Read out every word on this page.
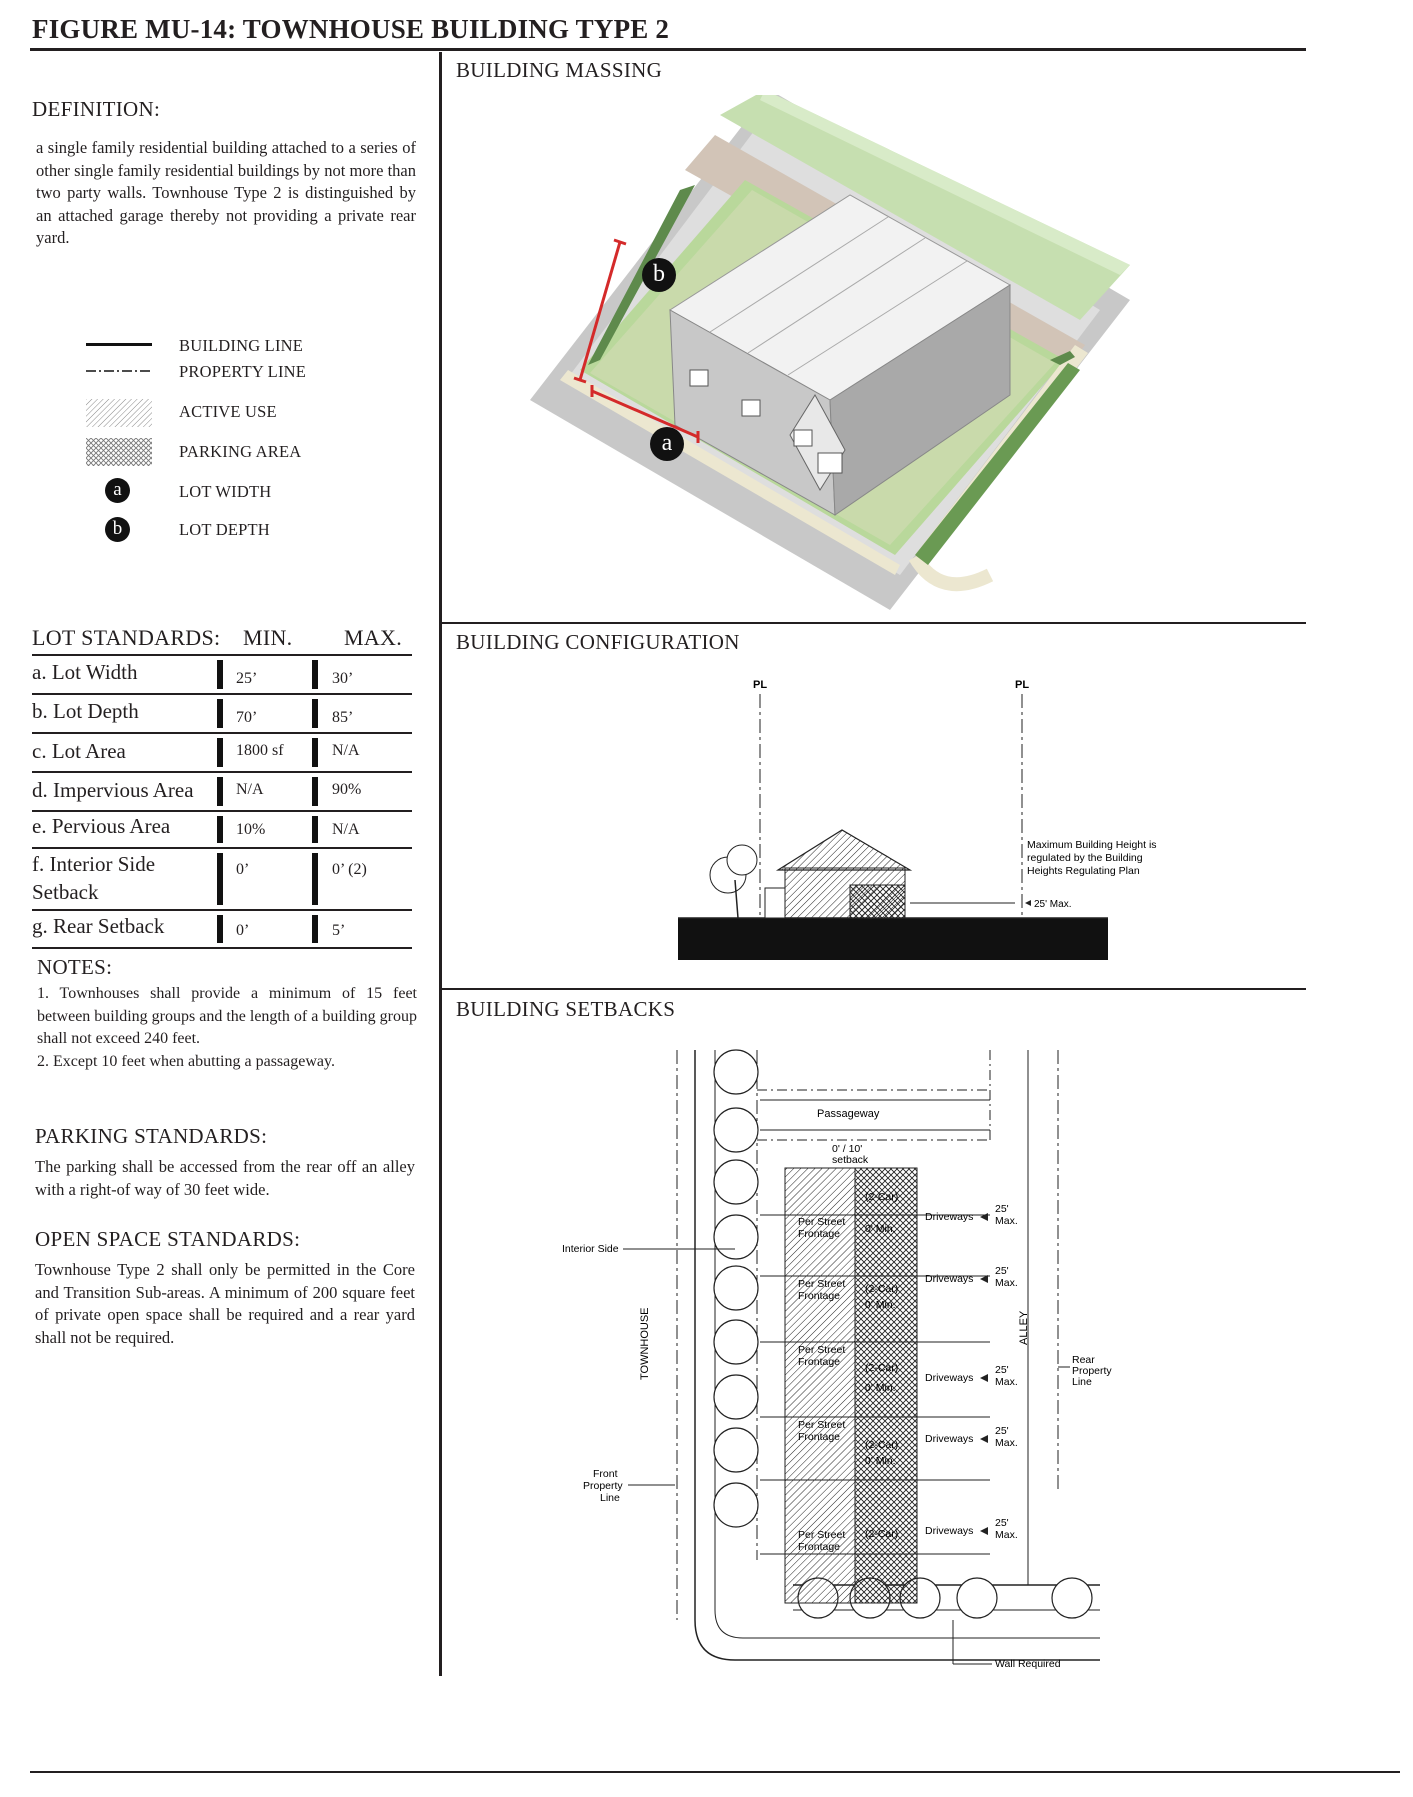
FIGURE MU-14: TOWNHOUSE BUILDING TYPE 2
DEFINITION:
a single family residential building attached to a series of other single family residential buildings by not more than two party walls. Townhouse Type 2 is distinguished by an attached garage thereby not providing a private rear yard.
BUILDING LINE
PROPERTY LINE
ACTIVE USE
PARKING AREA
a	LOT WIDTH
b	LOT DEPTH
LOT STANDARDS: MIN. MAX.
a. Lot Width	25’	30’
b. Lot Depth	70’	85’
c. Lot Area	1800 sf	N/A
d. Impervious Area	N/A	90%
e. Pervious Area	10%	N/A
f. Interior Side Setback
0’	0’ (2)
g. Rear Setback	0’	5’
NOTES:
1. Townhouses shall provide a minimum of 15 feet between building groups and the length of a building group shall not exceed 240 feet.
2. Except 10 feet when abutting a passageway.
PARKING STANDARDS:
The parking shall be accessed from the rear off an alley with a right-of way of 30 feet wide.
OPEN SPACE STANDARDS:
Townhouse Type 2 shall only be permitted in the Core and Transition Sub-areas. A minimum of 200 square feet of private open space shall be required and a rear yard shall not be required.
BUILDING MASSING
a
b
BUILDING CONFIGURATION
PL	PL
Maximum Building Height is
regulated by the Building
Heights Regulating Plan
25' Max.
BUILDING SETBACKS
Passageway
0' / 10'
setback
Interior Side
TOWNHOUSE	ALLEY
Front
Property
Line
Rear
Property
Line
Per Street
Frontage
Per Street
Frontage
Per Street
Frontage
Per Street
Frontage
Per Street
Frontage
(2-Car)
0' Min.
(2-Car)
0' Min.
(2-Car)
0' Min.
(2-Car)
0' Min.
(2-Car)
Driveways
Driveways
Driveways
Driveways
Driveways
25'
Max.
25'
Max.
25'
Max.
25'
Max.
25'
Max.
Wall Required
